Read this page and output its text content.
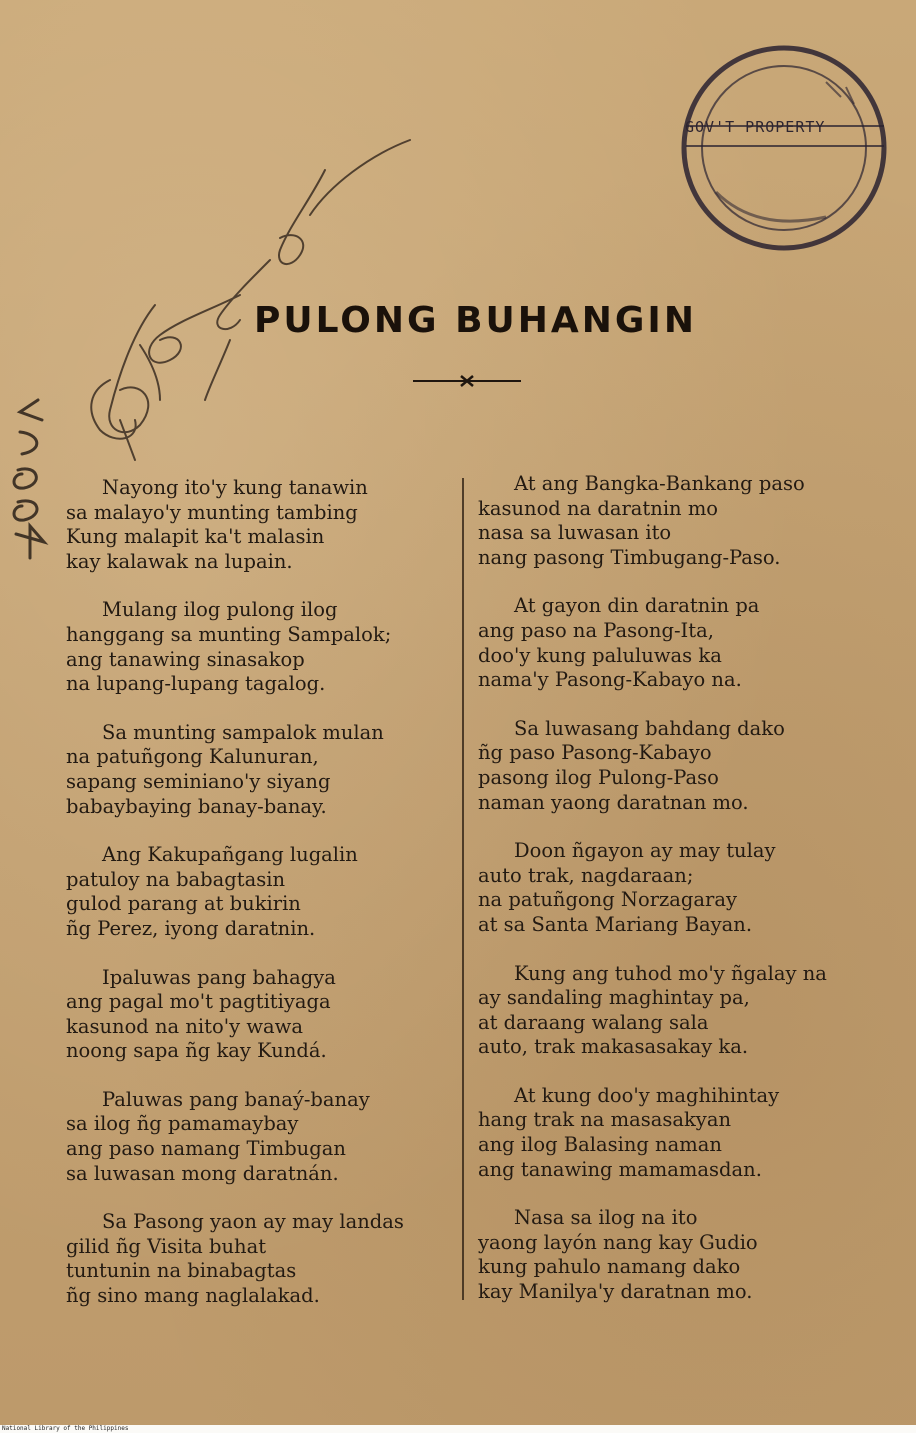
GOV'T PROPERTY
PULONG BUHANGIN
Nayong ito'y kung tanawin
sa malayo'y munting tambing
Kung malapit ka't malasin
kay kalawak na lupain.
Mulang ilog pulong ilog
hanggang sa munting Sampalok;
ang tanawing sinasakop
na lupang-lupang tagalog.
Sa munting sampalok mulan
na patuñgong Kalunuran,
sapang seminiano'y siyang
babaybaying banay-banay.
Ang Kakupañgang lugalin
patuloy na babagtasin
gulod parang at bukirin
ñg Perez, iyong daratnin.
Ipaluwas pang bahagya
ang pagal mo't pagtitiyaga
kasunod na nito'y wawa
noong sapa ñg kay Kundá.
Paluwas pang banaý-banay
sa ilog ñg pamamaybay
ang paso namang Timbugan
sa luwasan mong daratnán.
Sa Pasong yaon ay may landas
gilid ñg Visita buhat
tuntunin na binabagtas
ñg sino mang naglalakad.
At ang Bangka-Bankang paso
kasunod na daratnin mo
nasa sa luwasan ito
nang pasong Timbugang-Paso.
At gayon din daratnin pa
ang paso na Pasong-Ita,
doo'y kung paluluwas ka
nama'y Pasong-Kabayo na.
Sa luwasang bahdang dako
ñg paso Pasong-Kabayo
pasong ilog Pulong-Paso
naman yaong daratnan mo.
Doon ñgayon ay may tulay
auto trak, nagdaraan;
na patuñgong Norzagaray
at sa Santa Mariang Bayan.
Kung ang tuhod mo'y ñgalay na
ay sandaling maghintay pa,
at daraang walang sala
auto, trak makasasakay ka.
At kung doo'y maghihintay
hang trak na masasakyan
ang ilog Balasing naman
ang tanawing mamamasdan.
Nasa sa ilog na ito
yaong layón nang kay Gudio
kung pahulo namang dako
kay Manilya'y daratnan mo.
National Library of the Philippines
